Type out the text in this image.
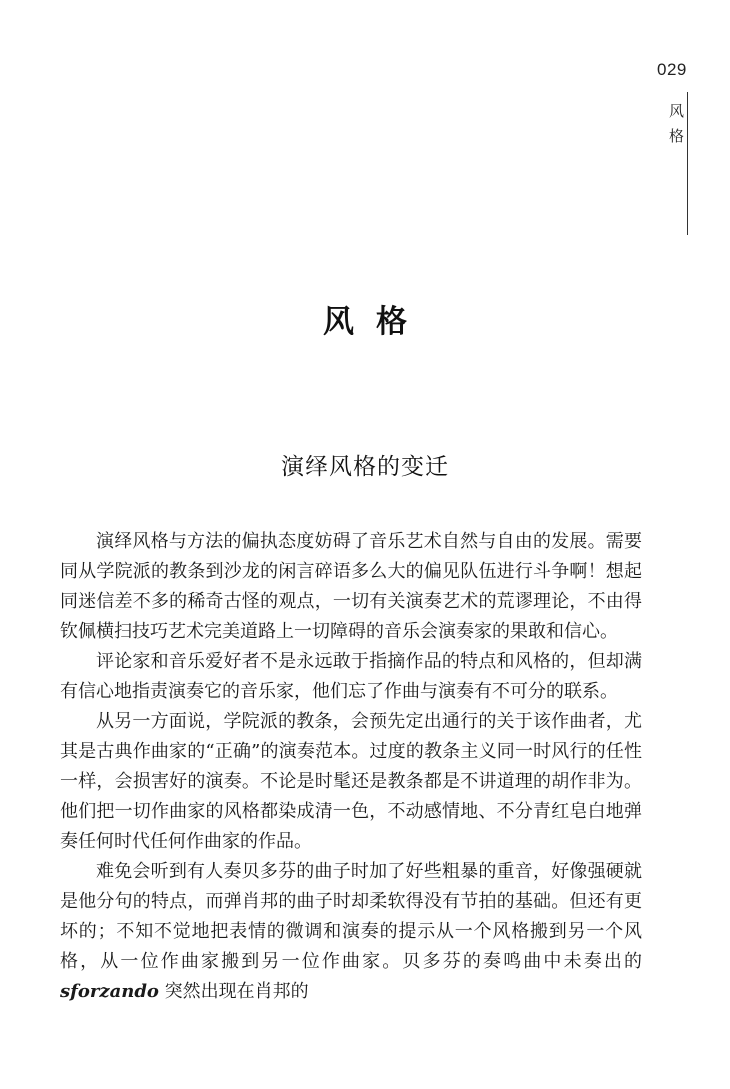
029
风格
风格
演绎风格的变迁

演绎风格与方法的偏执态度妨碍了音乐艺术自然与自由的发展。需要同从学院派的教条到沙龙的闲言碎语多么大的偏见队伍进行斗争啊！想起同迷信差不多的稀奇古怪的观点，一切有关演奏艺术的荒谬理论，不由得钦佩横扫技巧艺术完美道路上一切障碍的音乐会演奏家的果敢和信心。

评论家和音乐爱好者不是永远敢于指摘作品的特点和风格的，但却满有信心地指责演奏它的音乐家，他们忘了作曲与演奏有不可分的联系。

从另一方面说，学院派的教条，会预先定出通行的关于该作曲者，尤其是古典作曲家的“正确”的演奏范本。过度的教条主义同一时风行的任性一样，会损害好的演奏。不论是时髦还是教条都是不讲道理的胡作非为。他们把一切作曲家的风格都染成清一色，不动感情地、不分青红皂白地弹奏任何时代任何作曲家的作品。

难免会听到有人奏贝多芬的曲子时加了好些粗暴的重音，好像强硬就是他分句的特点，而弹肖邦的曲子时却柔软得没有节拍的基础。但还有更坏的；不知不觉地把表情的微调和演奏的提示从一个风格搬到另一个风格，从一位作曲家搬到另一位作曲家。贝多芬的奏鸣曲中未奏出的 sforzando 突然出现在肖邦的
